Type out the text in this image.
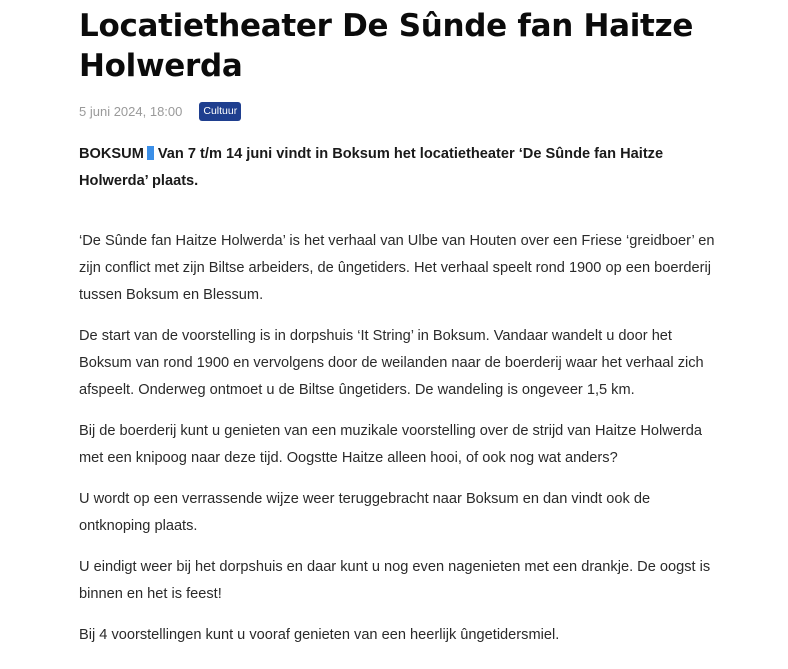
Locatietheater De Sûnde fan Haitze Holwerda
5 juni 2024, 18:00	Cultuur
BOKSUM Van 7 t/m 14 juni vindt in Boksum het locatietheater ‘De Sûnde fan Haitze Holwerda’ plaats.

‘De Sûnde fan Haitze Holwerda’ is het verhaal van Ulbe van Houten over een Friese ‘greidboer’ en zijn conflict met zijn Biltse arbeiders, de ûngetiders. Het verhaal speelt rond 1900 op een boerderij tussen Boksum en Blessum.

De start van de voorstelling is in dorpshuis ‘It String’ in Boksum. Vandaar wandelt u door het Boksum van rond 1900 en vervolgens door de weilanden naar de boerderij waar het verhaal zich afspeelt. Onderweg ontmoet u de Biltse ûngetiders. De wandeling is ongeveer 1,5 km.

Bij de boerderij kunt u genieten van een muzikale voorstelling over de strijd van Haitze Holwerda met een knipoog naar deze tijd. Oogstte Haitze alleen hooi, of ook nog wat anders?

U wordt op een verrassende wijze weer teruggebracht naar Boksum en dan vindt ook de ontknoping plaats.

U eindigt weer bij het dorpshuis en daar kunt u nog even nagenieten met een drankje. De oogst is binnen en het is feest!

Bij 4 voorstellingen kunt u vooraf genieten van een heerlijk ûngetidersmiel.
